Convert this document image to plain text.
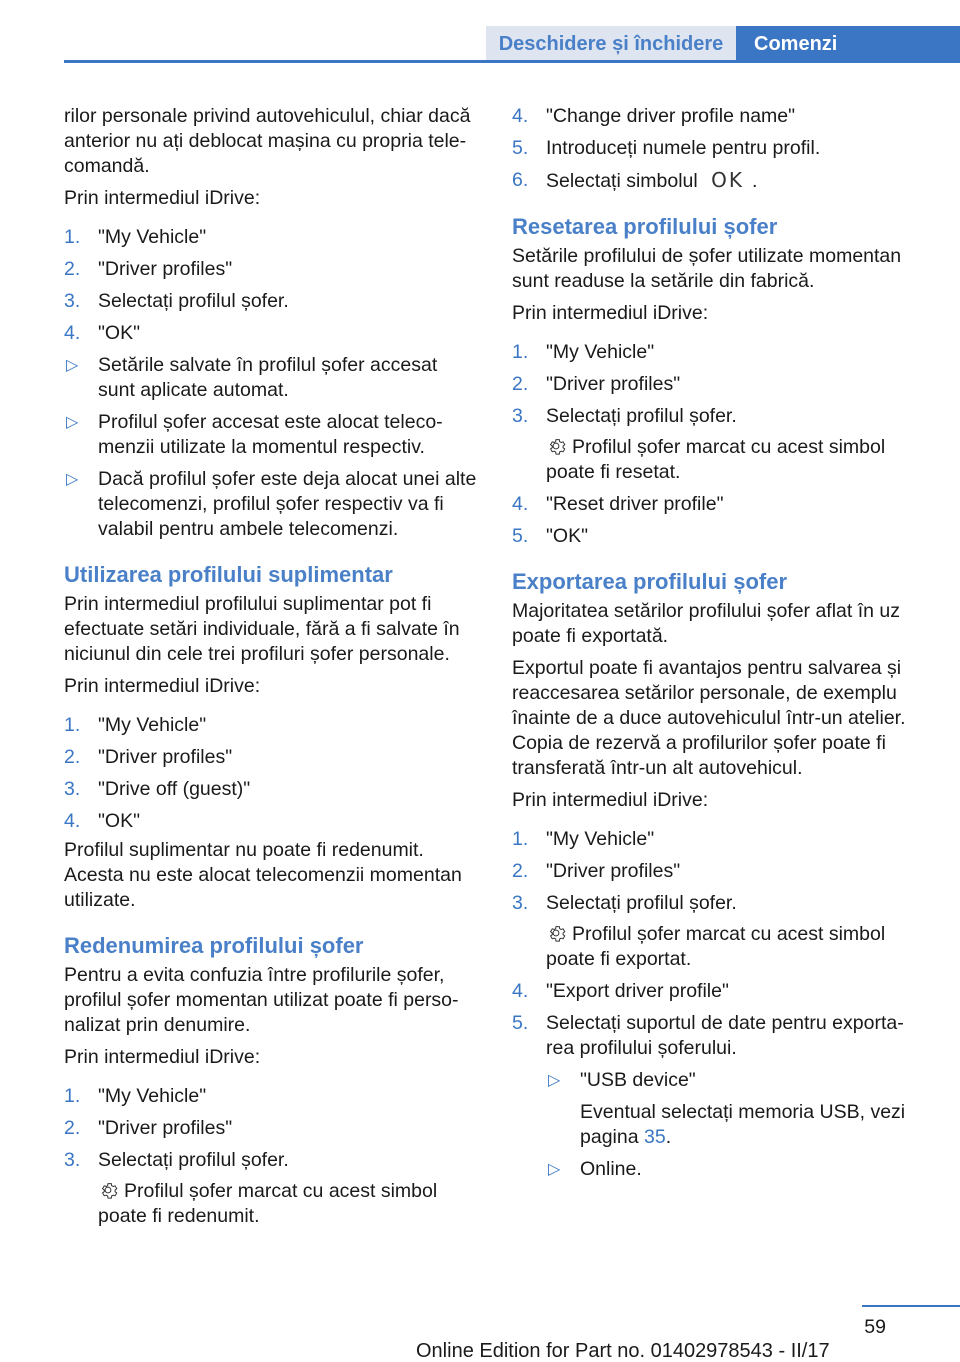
Deschidere și închidere	Comenzi

rilor personale privind autovehiculul, chiar dacă anterior nu ați deblocat mașina cu propria tele‐comandă.

Prin intermediul iDrive:

1. "My Vehicle"
2. "Driver profiles"
3. Selectați profilul șofer.
4. "OK"
▷ Setările salvate în profilul șofer accesat sunt aplicate automat.
▷ Profilul șofer accesat este alocat teleco‐menzii utilizate la momentul respectiv.
▷ Dacă profilul șofer este deja alocat unei alte telecomenzi, profilul șofer respectiv va fi valabil pentru ambele telecomenzi.
Utilizarea profilului suplimentar

Prin intermediul profilului suplimentar pot fi efectuate setări individuale, fără a fi salvate în niciunul din cele trei profiluri șofer personale.

Prin intermediul iDrive:

1. "My Vehicle"
2. "Driver profiles"
3. "Drive off (guest)"
4. "OK"

Profilul suplimentar nu poate fi redenumit. Acesta nu este alocat telecomenzii momentan utilizate.

Redenumirea profilului șofer

Pentru a evita confuzia între profilurile șofer, profilul șofer momentan utilizat poate fi perso‐nalizat prin denumire.

Prin intermediul iDrive:

1. "My Vehicle"
2. "Driver profiles"
3. Selectați profilul șofer.

Profilul șofer marcat cu acest simbol poate fi redenumit.

4. "Change driver profile name"
5. Introduceți numele pentru profil.
6. Selectați simbolul OK .
Resetarea profilului șofer

Setările profilului de șofer utilizate momentan sunt readuse la setările din fabrică.

Prin intermediul iDrive:

1. "My Vehicle"
2. "Driver profiles"
3. Selectați profilul șofer.

Profilul șofer marcat cu acest simbol poate fi resetat.

4. "Reset driver profile"
5. "OK"
Exportarea profilului șofer

Majoritatea setărilor profilului șofer aflat în uz poate fi exportată.

Exportul poate fi avantajos pentru salvarea și reaccesarea setărilor personale, de exemplu înainte de a duce autovehiculul într-un atelier. Copia de rezervă a profilurilor șofer poate fi transferată într-un alt autovehicul.

Prin intermediul iDrive:

1. "My Vehicle"
2. "Driver profiles"
3. Selectați profilul șofer.

Profilul șofer marcat cu acest simbol poate fi exportat.

4. "Export driver profile"
5. Selectați suportul de date pentru exporta‐rea profilului șoferului.
▷ "USB device"
Eventual selectați memoria USB, vezi pagina 35.
▷ Online.
59
Online Edition for Part no. 01402978543 - II/17
